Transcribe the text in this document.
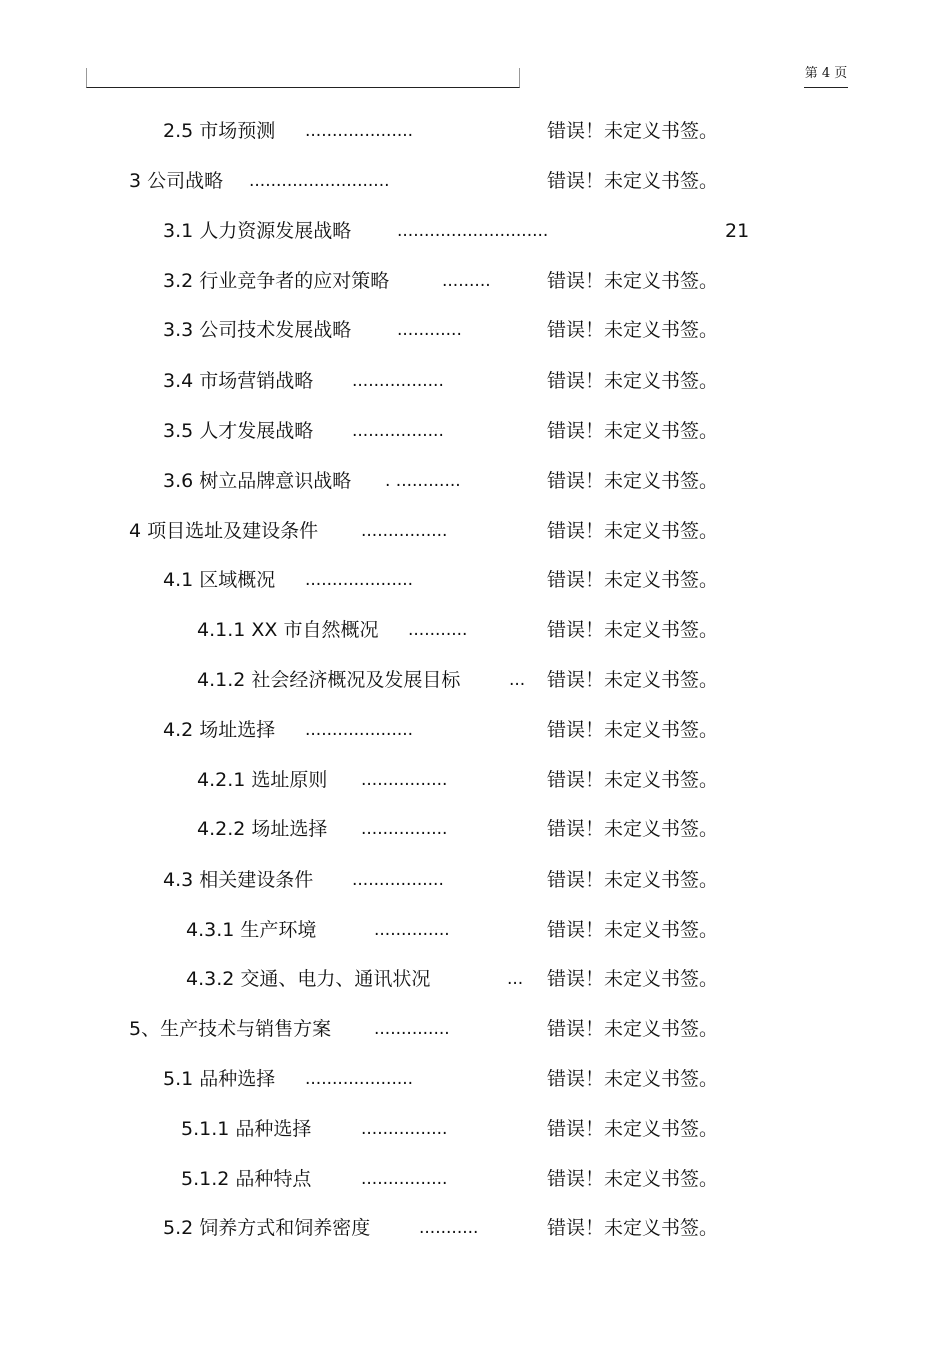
第 4 页
2.5 市场预测 ....................	错误！未定义书签。
3 公司战略 ..........................	错误！未定义书签。
3.1 人力资源发展战略	............................	21
3.2 行业竞争者的应对策略	.........	错误！未定义书签。
3.3 公司技术发展战略	............	错误！未定义书签。
3.4 市场营销战略 .................	错误！未定义书签。
3.5 人才发展战略 .................	错误！未定义书签。
3.6 树立品牌意识战略 . ............	错误！未定义书签。
4 项目选址及建设条件	................	错误！未定义书签。
4.1 区域概况 ....................	错误！未定义书签。
4.1.1 XX 市自然概况 ...........	错误！未定义书签。
4.1.2 社会经济概况及发展目标	... 错误！未定义书签。
4.2 场址选择 ....................	错误！未定义书签。
4.2.1 选址原则 ................	错误！未定义书签。
4.2.2 场址选择 ................	错误！未定义书签。
4.3 相关建设条件 .................	错误！未定义书签。
4.3.1 生产环境	..............	错误！未定义书签。
4.3.2 交通、电力、通讯状况	... 错误！未定义书签。
5、生产技术与销售方案	..............	错误！未定义书签。
5.1 品种选择 ....................	错误！未定义书签。
5.1.1 品种选择	................	错误！未定义书签。
5.1.2 品种特点	................	错误！未定义书签。
5.2 饲养方式和饲养密度	...........	错误！未定义书签。
